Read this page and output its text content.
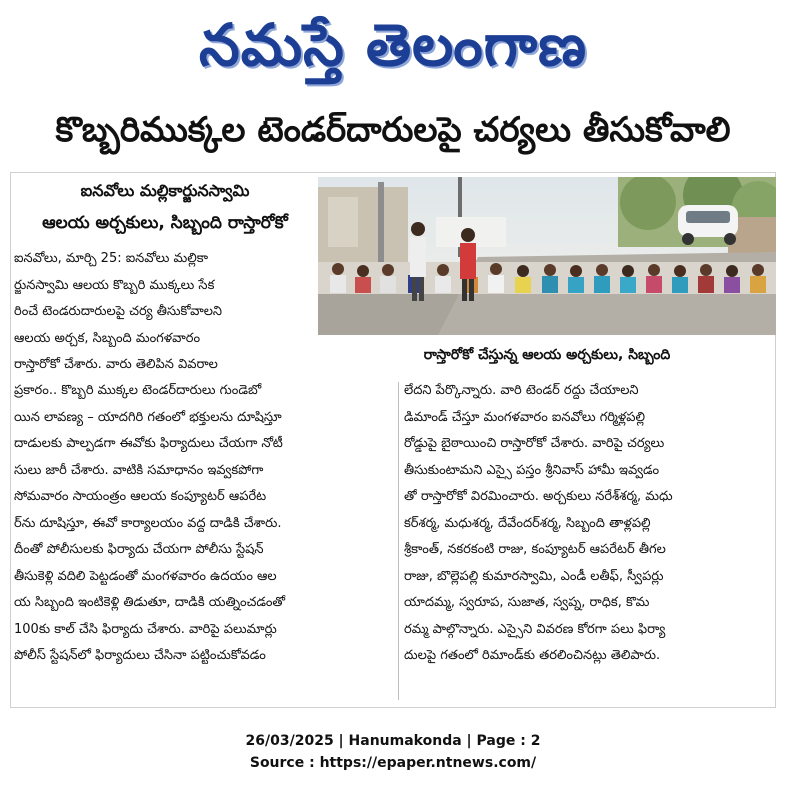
నమస్తే తెలంగాణ
కొబ్బరిముక్కల టెండర్‌దారులపై చర్యలు తీసుకోవాలి
ఐనవోలు మల్లికార్జునస్వామి
ఆలయ అర్చకులు, సిబ్బంది రాస్తారోకో
ఐనవోలు, మార్చి 25: ఐనవోలు మల్లికా
ర్జునస్వామి ఆలయ కొబ్బరి ముక్కలు సేక
రించే టెండరుదారులపై చర్య తీసుకోవాలని
ఆలయ అర్చక, సిబ్బంది మంగళవారం
రాస్తారోకో చేశారు. వారు తెలిపిన వివరాల
రాస్తారోకో చేస్తున్న ఆలయ అర్చకులు, సిబ్బంది
ప్రకారం.. కొబ్బరి ముక్కల టెండర్‌దారులు గుండెబో
యిన లావణ్య – యాదగిరి గతంలో భక్తులను దూషిస్తూ
దాడులకు పాల్పడగా ఈవోకు ఫిర్యాదులు చేయగా నోటీ
సులు జారీ చేశారు. వాటికి సమాధానం ఇవ్వకపోగా
సోమవారం సాయంత్రం ఆలయ కంప్యూటర్ ఆపరేట
ర్‌ను దూషిస్తూ, ఈవో కార్యాలయం వద్ద దాడికి చేశారు.
దీంతో పోలీసులకు ఫిర్యాదు చేయగా పోలీసు స్టేషన్
తీసుకెళ్లి వదిలి పెట్టడంతో మంగళవారం ఉదయం ఆల
య సిబ్బంది ఇంటికెళ్లి తిడుతూ, దాడికి యత్నించడంతో
100కు కాల్ చేసి ఫిర్యాదు చేశారు. వారిపై పలుమార్లు
పోలీస్ స్టేషన్‌లో ఫిర్యాదులు చేసినా పట్టించుకోవడం
లేదని పేర్కొన్నారు. వారి టెండర్ రద్దు చేయాలని
డిమాండ్ చేస్తూ మంగళవారం ఐనవోలు గర్మిళ్లపల్లి
రోడ్డుపై బైఠాయించి రాస్తారోకో చేశారు. వారిపై చర్యలు
తీసుకుంటామని ఎస్సై పస్తం శ్రీనివాస్ హామీ ఇవ్వడం
తో రాస్తారోకో విరమించారు. అర్చకులు నరేశ్‌శర్మ, మధు
కర్‌శర్మ, మధుశర్మ, దేవేందర్‌శర్మ, సిబ్బంది తాళ్లపల్లి
శ్రీకాంత్, నకరకంటి రాజు, కంప్యూటర్ ఆపరేటర్ తీగల
రాజు, బొల్లెపల్లి కుమారస్వామి, ఎండీ లతీఫ్, స్వీపర్లు
యాదమ్మ, స్వరూప, సుజాత, స్వప్న, రాధిక, కొమ
రమ్మ పాల్గొన్నారు. ఎస్సైని వివరణ కోరగా పలు ఫిర్యా
దులపై గతంలో రిమాండ్‌కు తరలించినట్లు తెలిపారు.
26/03/2025 | Hanumakonda | Page : 2
Source : https://epaper.ntnews.com/
